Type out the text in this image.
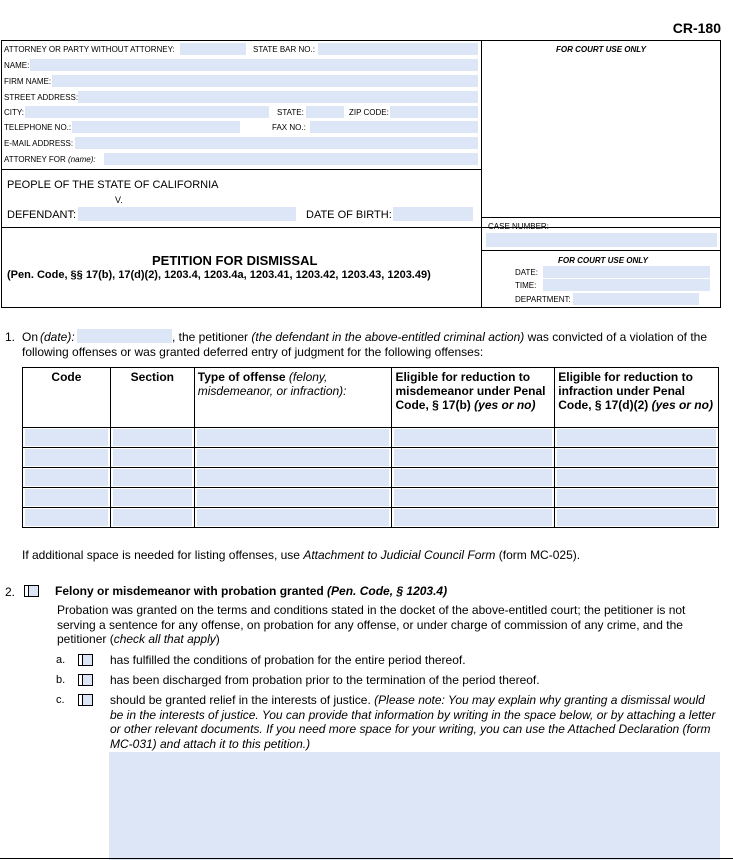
CR-180
ATTORNEY OR PARTY WITHOUT ATTORNEY:	STATE BAR NO.:
NAME:
FIRM NAME:
STREET ADDRESS:
CITY:	STATE:	ZIP CODE:
TELEPHONE NO.:	FAX NO.:
E-MAIL ADDRESS:
ATTORNEY FOR (name):
FOR COURT USE ONLY
PEOPLE OF THE STATE OF CALIFORNIA
V.
DEFENDANT:	DATE OF BIRTH:
CASE NUMBER:
PETITION FOR DISMISSAL
(Pen. Code, §§ 17(b), 17(d)(2), 1203.4, 1203.4a, 1203.41, 1203.42, 1203.43, 1203.49)
FOR COURT USE ONLY
DATE:
TIME:
DEPARTMENT:
1. On (date):	, the petitioner (the defendant in the above-entitled criminal action) was convicted of a violation of the
following offenses or was granted deferred entry of judgment for the following offenses:
Code	Section	Type of offense (felony, misdemeanor, or infraction):	Eligible for reduction to misdemeanor under Penal Code, § 17(b) (yes or no)	Eligible for reduction to infraction under Penal Code, § 17(d)(2) (yes or no)

If additional space is needed for listing offenses, use Attachment to Judicial Council Form (form MC-025).
2.	Felony or misdemeanor with probation granted (Pen. Code, § 1203.4)
Probation was granted on the terms and conditions stated in the docket of the above-entitled court; the petitioner is not
serving a sentence for any offense, on probation for any offense, or under charge of commission of any crime, and the
petitioner (check all that apply)
a.	has fulfilled the conditions of probation for the entire period thereof.
b.	has been discharged from probation prior to the termination of the period thereof.
c.	should be granted relief in the interests of justice. (Please note: You may explain why granting a dismissal would
be in the interests of justice. You can provide that information by writing in the space below, or by attaching a letter
or other relevant documents. If you need more space for your writing, you can use the Attached Declaration (form
MC-031) and attach it to this petition.)
